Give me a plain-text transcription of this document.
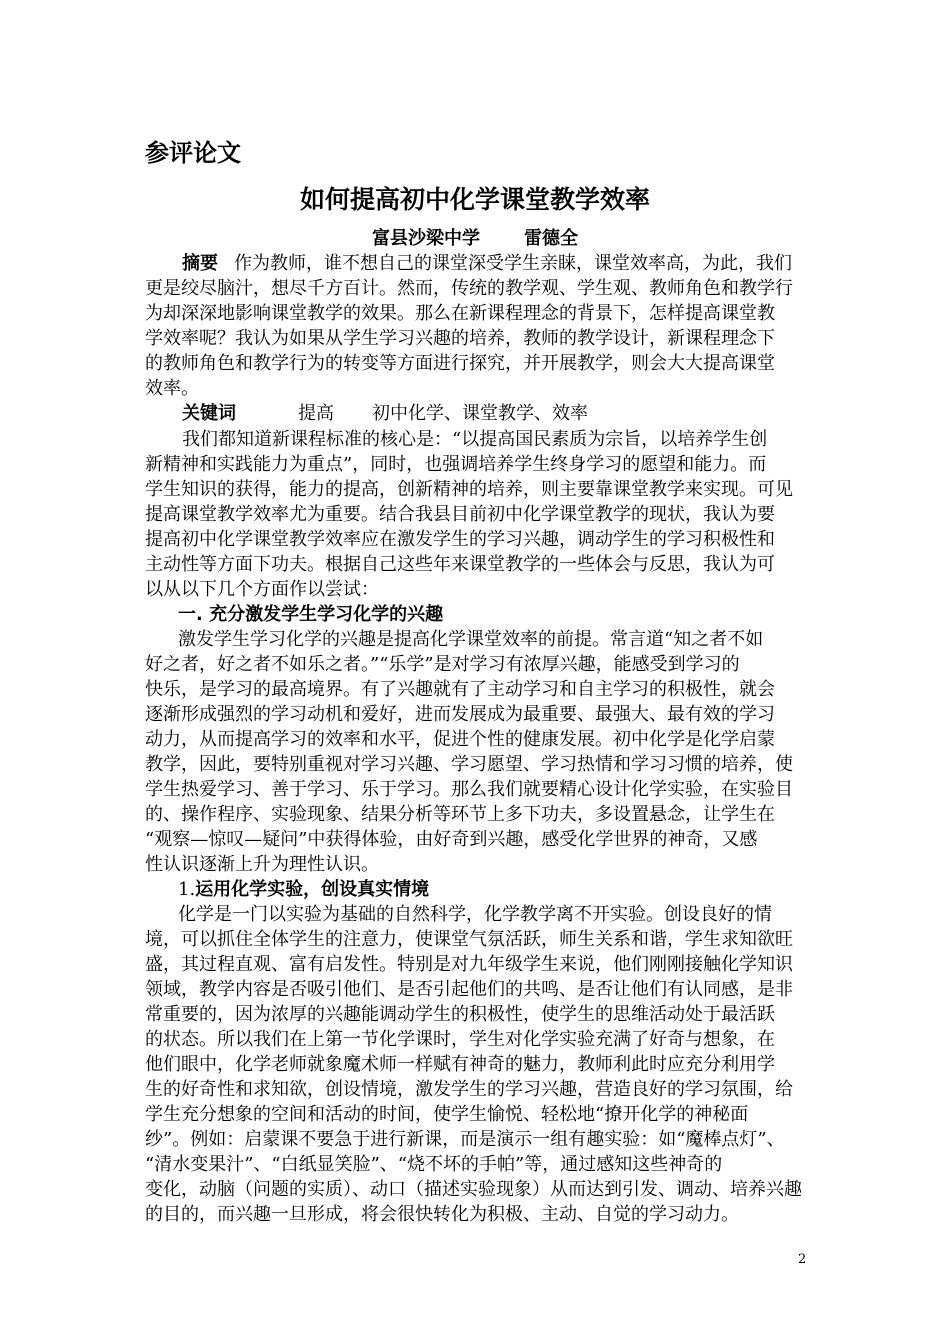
参评论文
如何提高初中化学课堂教学效率
富县沙梁中学 雷德全
摘要 作为教师，谁不想自己的课堂深受学生亲睐，课堂效率高，为此，我们
更是绞尽脑汁，想尽千方百计。然而，传统的教学观、学生观、教师角色和教学行
为却深深地影响课堂教学的效果。那么在新课程理念的背景下，怎样提高课堂教
学效率呢？我认为如果从学生学习兴趣的培养，教师的教学设计，新课程理念下
的教师角色和教学行为的转变等方面进行探究，并开展教学，则会大大提高课堂
效率。
关键词	提高 初中化学、课堂教学、效率
我们都知道新课程标准的核心是：“以提高国民素质为宗旨，以培养学生创
新精神和实践能力为重点”，同时，也强调培养学生终身学习的愿望和能力。而
学生知识的获得，能力的提高，创新精神的培养，则主要靠课堂教学来实现。可见
提高课堂教学效率尤为重要。结合我县目前初中化学课堂教学的现状，我认为要
提高初中化学课堂教学效率应在激发学生的学习兴趣，调动学生的学习积极性和
主动性等方面下功夫。根据自己这些年来课堂教学的一些体会与反思，我认为可
以从以下几个方面作以尝试：
一. 充分激发学生学习化学的兴趣
激发学生学习化学的兴趣是提高化学课堂效率的前提。常言道“知之者不如
好之者，好之者不如乐之者。”“乐学”是对学习有浓厚兴趣，能感受到学习的
快乐，是学习的最高境界。有了兴趣就有了主动学习和自主学习的积极性，就会
逐渐形成强烈的学习动机和爱好，进而发展成为最重要、最强大、最有效的学习
动力，从而提高学习的效率和水平，促进个性的健康发展。初中化学是化学启蒙
教学，因此，要特别重视对学习兴趣、学习愿望、学习热情和学习习惯的培养，使
学生热爱学习、善于学习、乐于学习。那么我们就要精心设计化学实验，在实验目
的、操作程序、实验现象、结果分析等环节上多下功夫，多设置悬念，让学生在
“观察—惊叹—疑问”中获得体验，由好奇到兴趣，感受化学世界的神奇，又感
性认识逐渐上升为理性认识。
1.运用化学实验，创设真实情境
化学是一门以实验为基础的自然科学，化学教学离不开实验。创设良好的情
境，可以抓住全体学生的注意力，使课堂气氛活跃，师生关系和谐，学生求知欲旺
盛，其过程直观、富有启发性。特别是对九年级学生来说，他们刚刚接触化学知识
领域，教学内容是否吸引他们、是否引起他们的共鸣、是否让他们有认同感，是非
常重要的，因为浓厚的兴趣能调动学生的积极性，使学生的思维活动处于最活跃
的状态。所以我们在上第一节化学课时，学生对化学实验充满了好奇与想象，在
他们眼中，化学老师就象魔术师一样赋有神奇的魅力，教师利此时应充分利用学
生的好奇性和求知欲，创设情境，激发学生的学习兴趣，营造良好的学习氛围，给
学生充分想象的空间和活动的时间，使学生愉悦、轻松地“撩开化学的神秘面
纱”。例如：启蒙课不要急于进行新课，而是演示一组有趣实验：如“魔棒点灯”、
“清水变果汁”、“白纸显笑脸”、“烧不坏的手帕”等，通过感知这些神奇的
变化，动脑（问题的实质）、动口（描述实验现象）从而达到引发、调动、培养兴趣
的目的，而兴趣一旦形成，将会很快转化为积极、主动、自觉的学习动力。
2
